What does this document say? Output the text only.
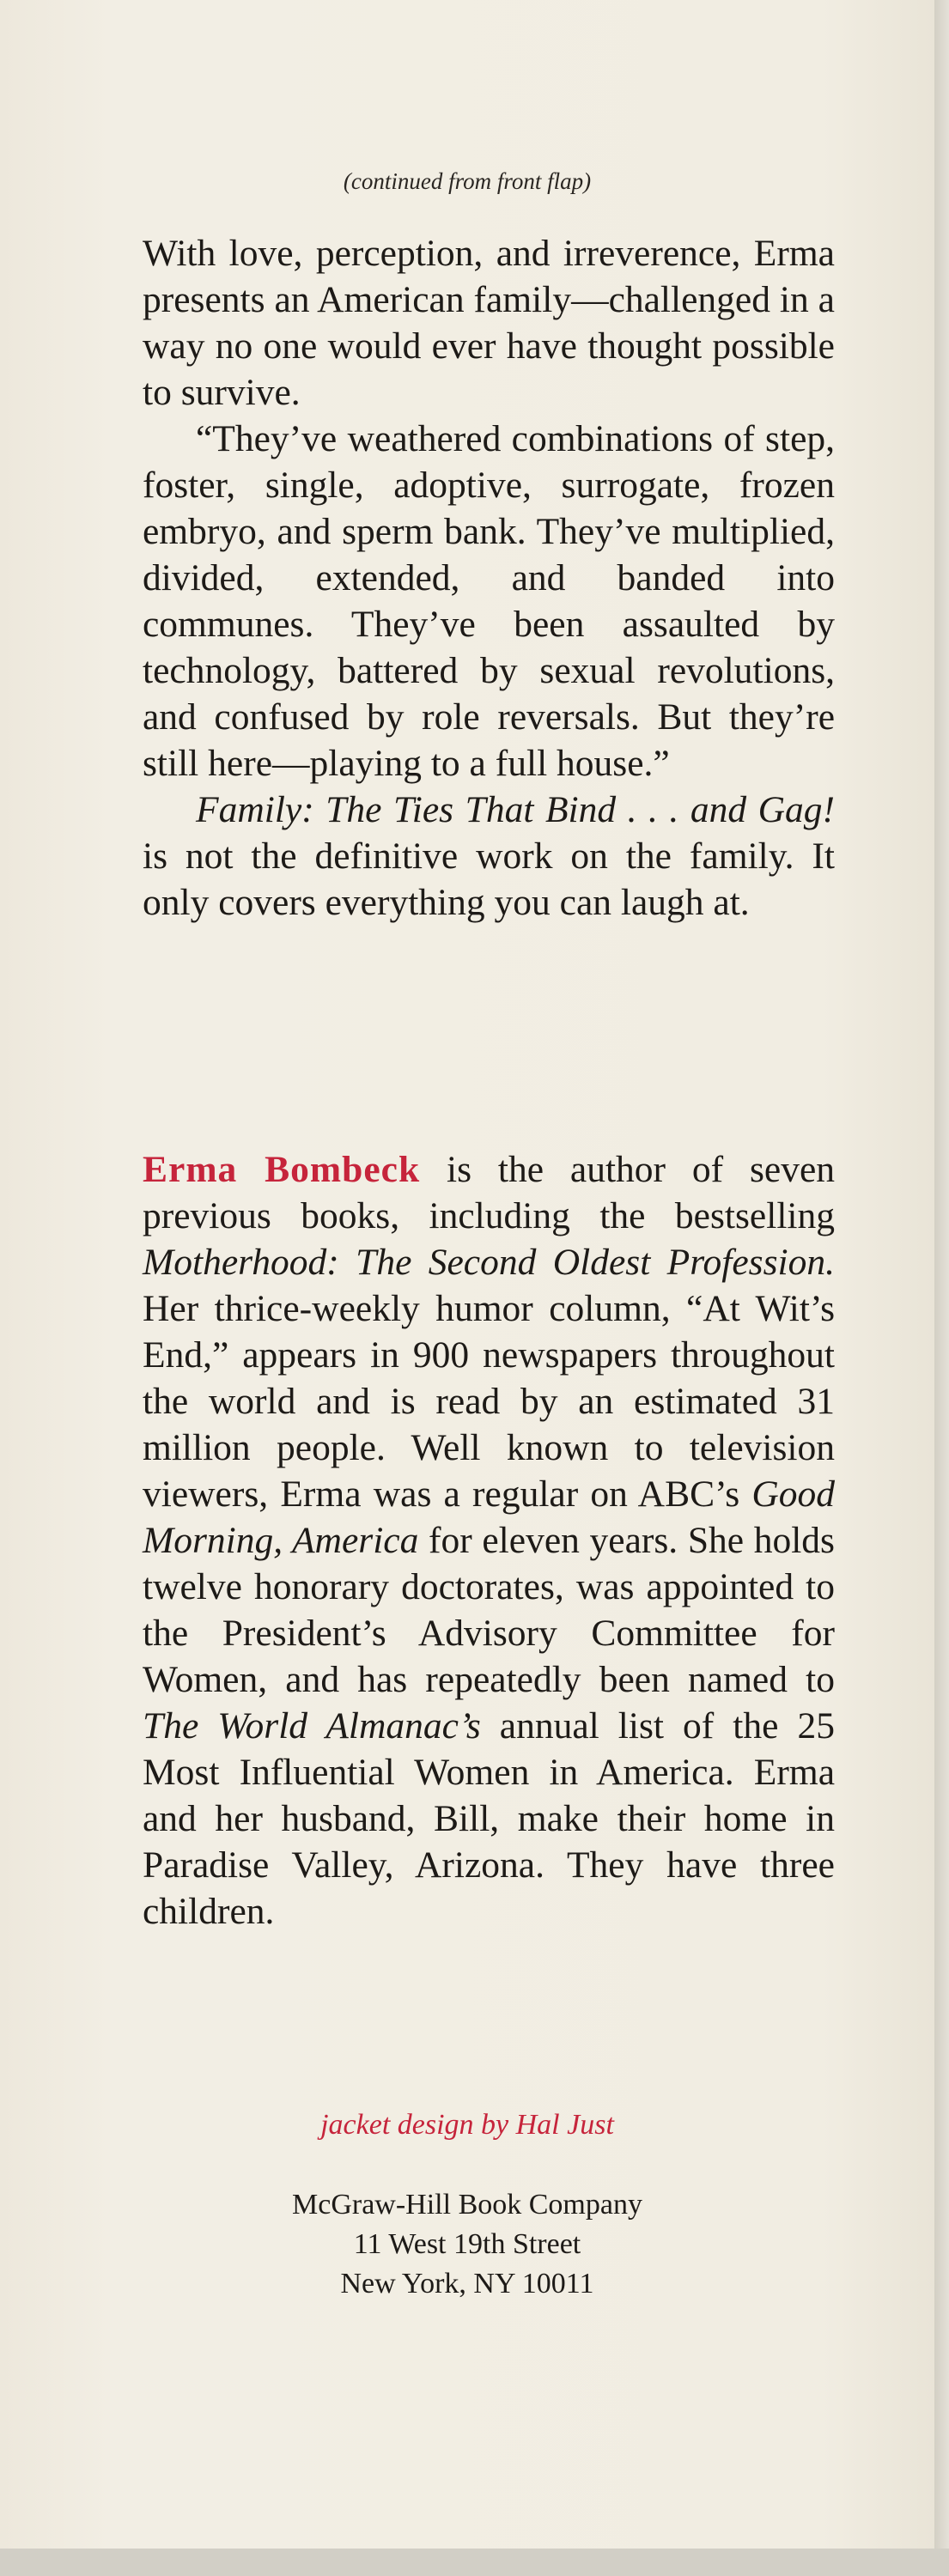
(continued from front flap)

With love, perception, and irreverence, Erma presents an American family—challenged in a way no one would ever have thought possible to survive.

“They’ve weathered combinations of step, foster, single, adoptive, surrogate, frozen embryo, and sperm bank. They’ve multiplied, divided, extended, and banded into communes. They’ve been assaulted by technology, battered by sexual revolutions, and confused by role reversals. But they’re still here—playing to a full house.”

Family: The Ties That Bind . . . and Gag! is not the definitive work on the family. It only covers everything you can laugh at.

Erma Bombeck is the author of seven previous books, including the bestselling Motherhood: The Second Oldest Profession. Her thrice-weekly humor column, “At Wit’s End,” appears in 900 newspapers throughout the world and is read by an estimated 31 million people. Well known to television viewers, Erma was a regular on ABC’s Good Morning, America for eleven years. She holds twelve honorary doctorates, was appointed to the President’s Advisory Committee for Women, and has repeatedly been named to The World Almanac’s annual list of the 25 Most Influential Women in America. Erma and her husband, Bill, make their home in Paradise Valley, Arizona. They have three children.

jacket design by Hal Just
McGraw-Hill Book Company
11 West 19th Street
New York, NY 10011
